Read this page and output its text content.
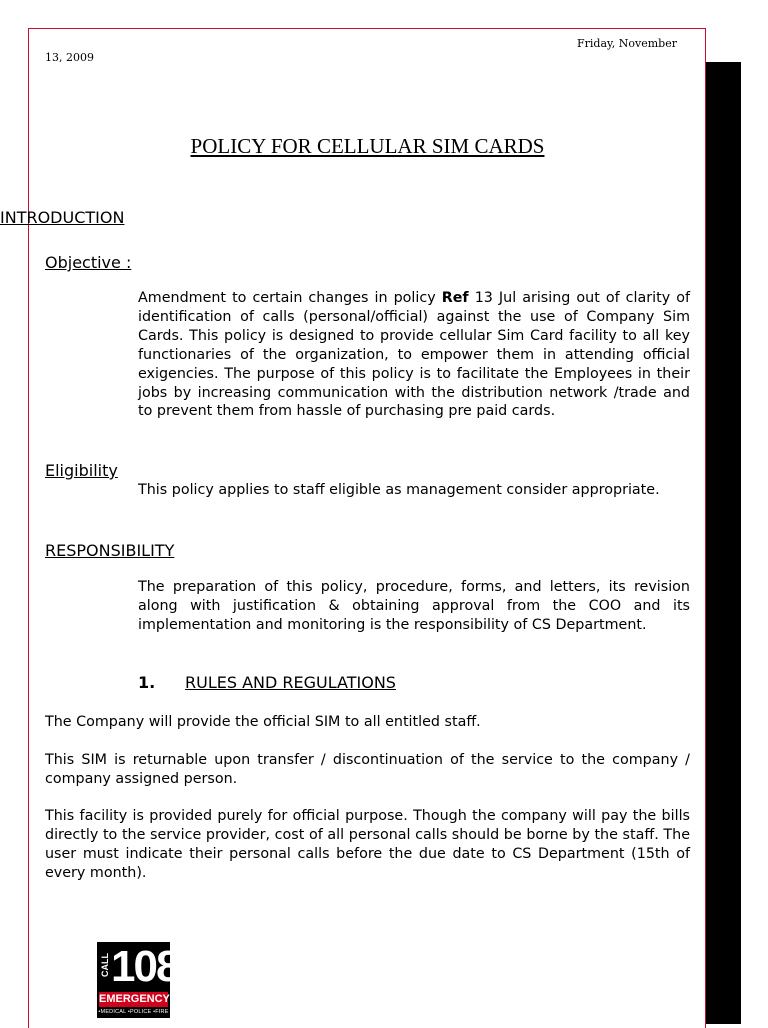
Friday, November
13, 2009
POLICY FOR CELLULAR SIM CARDS
INTRODUCTION
Objective :

Amendment to certain changes in policy Ref 13 Jul arising out of clarity of identification of calls (personal/official) against the use of Company Sim Cards. This policy is designed to provide cellular Sim Card facility to all key functionaries of the organization, to empower them in attending official exigencies. The purpose of this policy is to facilitate the Employees in their jobs by increasing communication with the distribution network /trade and to prevent them from hassle of purchasing pre paid cards.

Eligibility

This policy applies to staff eligible as management consider appropriate.

RESPONSIBILITY

The preparation of this policy, procedure, forms, and letters, its revision along with justification & obtaining approval from the COO and its implementation and monitoring is the responsibility of CS Department.

1. RULES AND REGULATIONS

The Company will provide the official SIM to all entitled staff.

This SIM is returnable upon transfer / discontinuation of the service to the company / company assigned person.

This facility is provided purely for official purpose. Though the company will pay the bills directly to the service provider, cost of all personal calls should be borne by the staff. The user must indicate their personal calls before the due date to CS Department (15th of every month).

CALL 108
EMERGENCY
•MEDICAL •POLICE •FIRE
